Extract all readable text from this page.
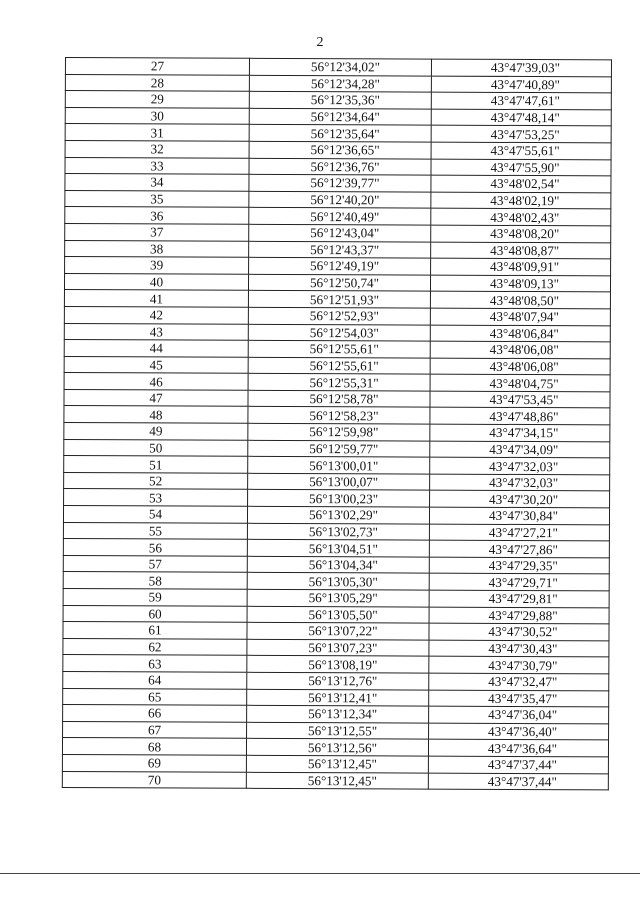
2
27	56°12'34,02"	43°47'39,03"
28	56°12'34,28"	43°47'40,89"
29	56°12'35,36"	43°47'47,61"
30	56°12'34,64"	43°47'48,14"
31	56°12'35,64"	43°47'53,25"
32	56°12'36,65"	43°47'55,61"
33	56°12'36,76"	43°47'55,90"
34	56°12'39,77"	43°48'02,54"
35	56°12'40,20"	43°48'02,19"
36	56°12'40,49"	43°48'02,43"
37	56°12'43,04"	43°48'08,20"
38	56°12'43,37"	43°48'08,87"
39	56°12'49,19"	43°48'09,91"
40	56°12'50,74"	43°48'09,13"
41	56°12'51,93"	43°48'08,50"
42	56°12'52,93"	43°48'07,94"
43	56°12'54,03"	43°48'06,84"
44	56°12'55,61"	43°48'06,08"
45	56°12'55,61"	43°48'06,08"
46	56°12'55,31"	43°48'04,75"
47	56°12'58,78"	43°47'53,45"
48	56°12'58,23"	43°47'48,86"
49	56°12'59,98"	43°47'34,15"
50	56°12'59,77"	43°47'34,09"
51	56°13'00,01"	43°47'32,03"
52	56°13'00,07"	43°47'32,03"
53	56°13'00,23"	43°47'30,20"
54	56°13'02,29"	43°47'30,84"
55	56°13'02,73"	43°47'27,21"
56	56°13'04,51"	43°47'27,86"
57	56°13'04,34"	43°47'29,35"
58	56°13'05,30"	43°47'29,71"
59	56°13'05,29"	43°47'29,81"
60	56°13'05,50"	43°47'29,88"
61	56°13'07,22"	43°47'30,52"
62	56°13'07,23"	43°47'30,43"
63	56°13'08,19"	43°47'30,79"
64	56°13'12,76"	43°47'32,47"
65	56°13'12,41"	43°47'35,47"
66	56°13'12,34"	43°47'36,04"
67	56°13'12,55"	43°47'36,40"
68	56°13'12,56"	43°47'36,64"
69	56°13'12,45"	43°47'37,44"
70	56°13'12,45"	43°47'37,44"
